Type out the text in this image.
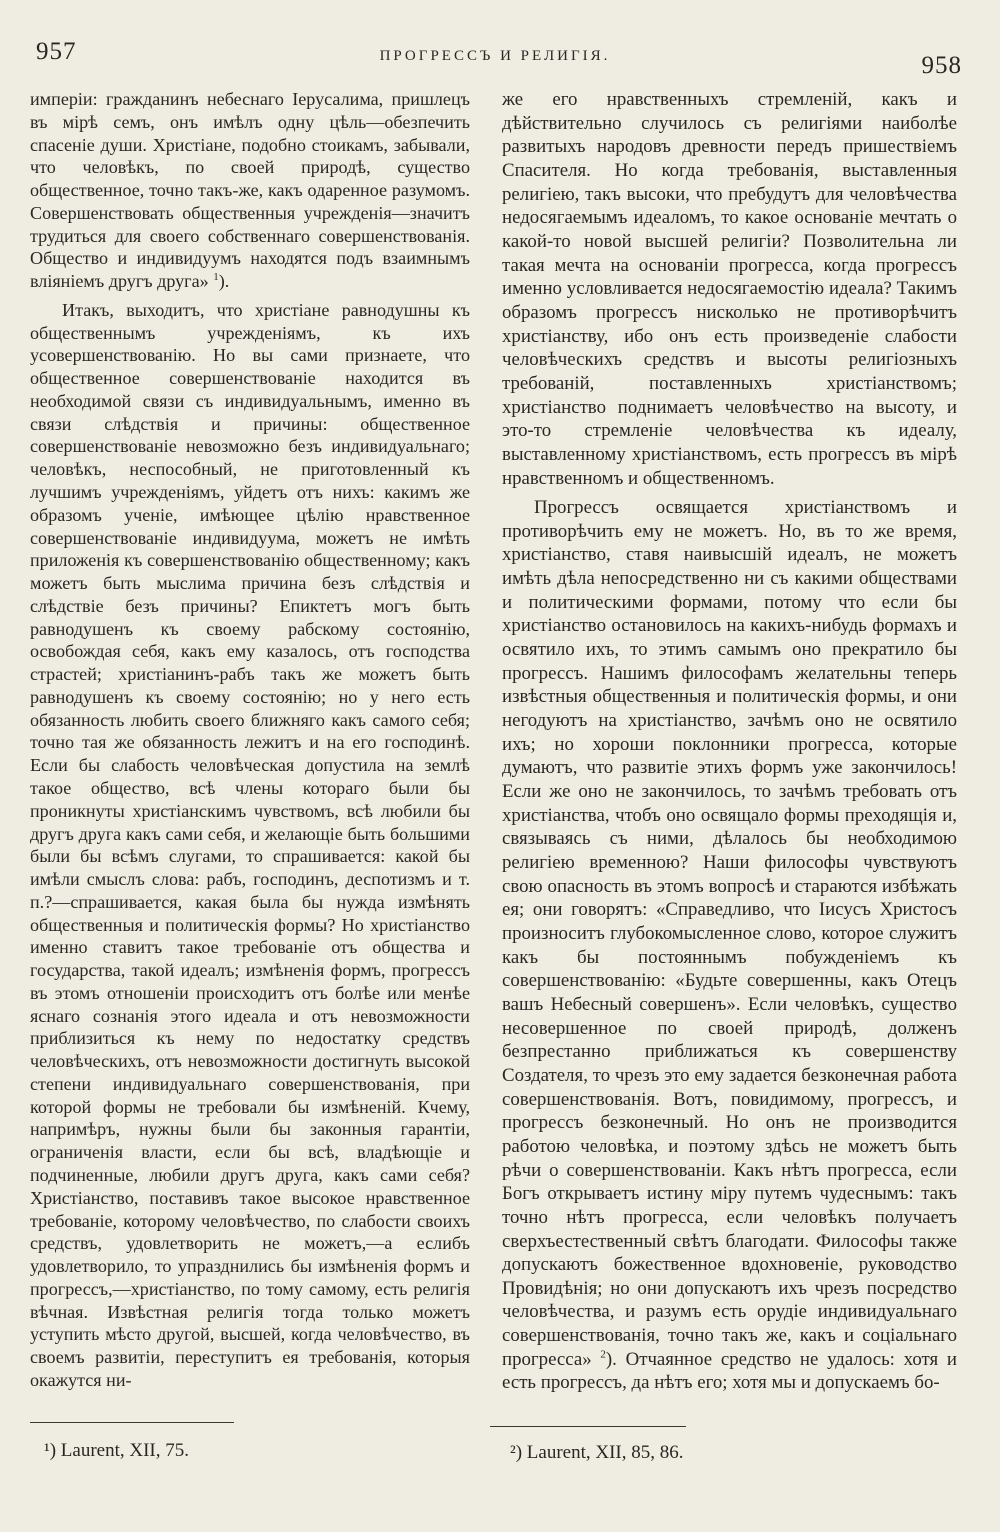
957	ПРОГРЕССЪ И РЕЛИГІЯ.	958

имперіи: гражданинъ небеснаго Іерусалима, пришлецъ въ мірѣ семъ, онъ имѣлъ одну цѣль—обезпечить спасеніе души. Христiане, подобно стоикамъ, забывали, что человѣкъ, по своей природѣ, существо общественное, точно такъ-же, какъ одаренное разумомъ. Совершенствовать общественныя учрежденія—значитъ трудиться для своего собственнаго совершенствованія. Общество и индивидуумъ находятся подъ взаимнымъ вліяніемъ другъ друга» $^1$).

Итакъ, выходитъ, что христiане равнодушны къ общественнымъ учрежденіямъ, къ ихъ усовершенствованію. Но вы сами признаете, что общественное совершенствованіе находится въ необходимой связи съ индивидуальнымъ, именно въ связи слѣдствія и причины: общественное совершенствованіе невозможно безъ индивидуальнаго; человѣкъ, неспособный, не приготовленный къ лучшимъ учрежденіямъ, уйдетъ отъ нихъ: какимъ же образомъ ученіе, имѣющее цѣлію нравственное совершенствованіе индивидуума, можетъ не имѣть приложенія къ совершенствованію общественному; какъ можетъ быть мыслима причина безъ слѣдствія и слѣдствіе безъ причины? Епиктетъ могъ быть равнодушенъ къ своему рабскому состоянію, освобождая себя, какъ ему казалось, отъ господства страстей; христiанинъ-рабъ такъ же можетъ быть равнодушенъ къ своему состоянію; но у него есть обязанность любить своего ближняго какъ самого себя; точно тая же обязанность лежитъ и на его господинѣ. Если бы слабость человѣческая допустила на землѣ такое общество, всѣ члены котораго были бы проникнуты христiанскимъ чувствомъ, всѣ любили бы другъ друга какъ сами себя, и желающіе быть большими были бы всѣмъ слугами, то спрашивается: какой бы имѣли смыслъ слова: рабъ, господинъ, деспотизмъ и т. п.?—спрашивается, какая была бы нужда измѣнять общественныя и политическія формы? Но христiанство именно ставитъ такое требованіе отъ общества и государства, такой идеалъ; измѣненія формъ, прогрессъ въ этомъ отношеніи происходитъ отъ болѣе или менѣе яснаго сознанія этого идеала и отъ невозможности приблизиться къ нему по недостатку средствъ человѣческихъ, отъ невозможности достигнуть высокой степени индивидуальнаго совершенствованія, при которой формы не требовали бы измѣненій. Кчему, напримѣръ, нужны были бы законныя гарантіи, ограниченія власти, если бы всѣ, владѣющіе и подчиненные, любили другъ друга, какъ сами себя? Христiанство, поставивъ такое высокое нравственное требованіе, которому человѣчество, по слабости своихъ средствъ, удовлетворить не можетъ,—а еслибъ удовлетворило, то упразднились бы измѣненія формъ и прогрессъ,—христiанство, по тому самому, есть религія вѣчная. Извѣстная религія тогда только можетъ уступить мѣсто другой, высшей, когда человѣчество, въ своемъ развитіи, переступитъ ея требованія, которыя окажутся ни-

же его нравственныхъ стремленій, какъ и дѣйствительно случилось съ религіями наиболѣе развитыхъ народовъ древности передъ пришествіемъ Спасителя. Но когда требованія, выставленныя религіею, такъ высоки, что пребудутъ для человѣчества недосягаемымъ идеаломъ, то какое основаніе мечтать о какой-то новой высшей религіи? Позволительна ли такая мечта на основаніи прогресса, когда прогрессъ именно условливается недосягаемостію идеала? Такимъ образомъ прогрессъ нисколько не противорѣчитъ христiанству, ибо онъ есть произведеніе слабости человѣческихъ средствъ и высоты религіозныхъ требованій, поставленныхъ христiанствомъ; христiанство поднимаетъ человѣчество на высоту, и это-то стремленіе человѣчества къ идеалу, выставленному христiанствомъ, есть прогрессъ въ мірѣ нравственномъ и общественномъ.

Прогрессъ освящается христiанствомъ и противорѣчить ему не можетъ. Но, въ то же время, христiанство, ставя наивысшій идеалъ, не можетъ имѣть дѣла непосредственно ни съ какими обществами и политическими формами, потому что если бы христiанство остановилось на какихъ-нибудь формахъ и освятило ихъ, то этимъ самымъ оно прекратило бы прогрессъ. Нашимъ философамъ желательны теперь извѣстныя общественныя и политическія формы, и они негодуютъ на христiанство, зачѣмъ оно не освятило ихъ; но хороши поклонники прогресса, которые думаютъ, что развитіе этихъ формъ уже закончилось! Если же оно не закончилось, то зачѣмъ требовать отъ христiанства, чтобъ оно освящало формы преходящія и, связываясь съ ними, дѣлалось бы необходимою религіею временною? Наши философы чувствуютъ свою опасность въ этомъ вопросѣ и стараются избѣжать ея; они говорятъ: «Справедливо, что Іисусъ Христосъ произноситъ глубокомысленное слово, которое служитъ какъ бы постояннымъ побужденіемъ къ совершенствованію: «Будьте совершенны, какъ Отецъ вашъ Небесный совершенъ». Если человѣкъ, существо несовершенное по своей природѣ, долженъ безпрестанно приближаться къ совершенству Создателя, то чрезъ это ему задается безконечная работа совершенствованія. Вотъ, повидимому, прогрессъ, и прогрессъ безконечный. Но онъ не производится работою человѣка, и поэтому здѣсь не можетъ быть рѣчи о совершенствованіи. Какъ нѣтъ прогресса, если Богъ открываетъ истину міру путемъ чудеснымъ: такъ точно нѣтъ прогресса, если человѣкъ получаетъ сверхъестественный свѣтъ благодати. Философы также допускаютъ божественное вдохновеніе, руководство Провидѣнія; но они допускаютъ ихъ чрезъ посредство человѣчества, и разумъ есть орудіе индивидуальнаго совершенствованія, точно такъ же, какъ и соціальнаго прогресса» $^2$). Отчаянное средство не удалось: хотя и есть прогрессъ, да нѣтъ его; хотя мы и допускаемъ бо-

¹) Laurent, XII, 75.	²) Laurent, XII, 85, 86.
